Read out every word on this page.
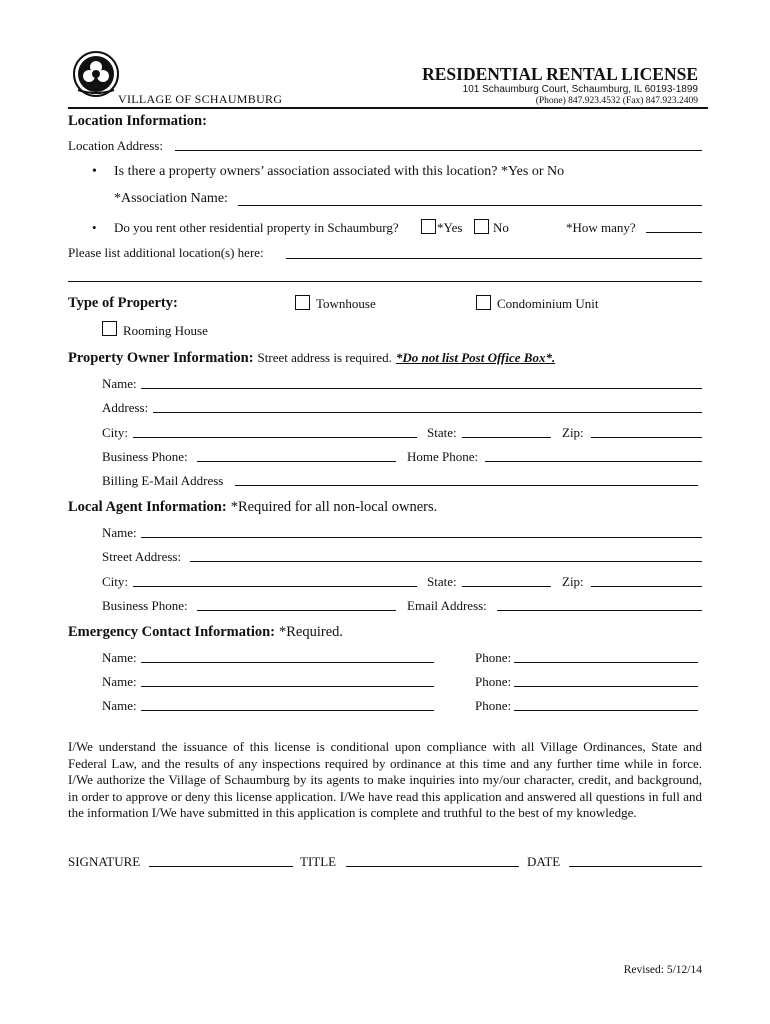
VILLAGE OF SCHAUMBURG
RESIDENTIAL RENTAL LICENSE
101 Schaumburg Court, Schaumburg, IL 60193-1899
(Phone) 847.923.4532 (Fax) 847.923.2409
Location Information:
Location Address:
• Is there a property owners’ association associated with this location? *Yes or No
*Association Name:
• Do you rent other residential property in Schaumburg?	*Yes No	*How many?
Please list additional location(s) here:
Type of Property:	Townhouse	Condominium Unit
Rooming House
Property Owner Information: Street address is required. *Do not list Post Office Box*.
Name:
Address:
City:	State:	Zip:
Business Phone:	Home Phone:
Billing E-Mail Address
Local Agent Information: *Required for all non-local owners.
Name:
Street Address:
City:	State:	Zip:
Business Phone:	Email Address:
Emergency Contact Information: *Required.
Name:	Phone:
Name:	Phone:
Name:	Phone:
I/We understand the issuance of this license is conditional upon compliance with all Village Ordinances, State and Federal Law, and the results of any inspections required by ordinance at this time and any further time while in force. I/We authorize the Village of Schaumburg by its agents to make inquiries into my/our character, credit, and background, in order to approve or deny this license application. I/We have read this application and answered all questions in full and the information I/We have submitted in this application is complete and truthful to the best of my knowledge.
SIGNATURE	TITLE	DATE
Revised: 5/12/14
